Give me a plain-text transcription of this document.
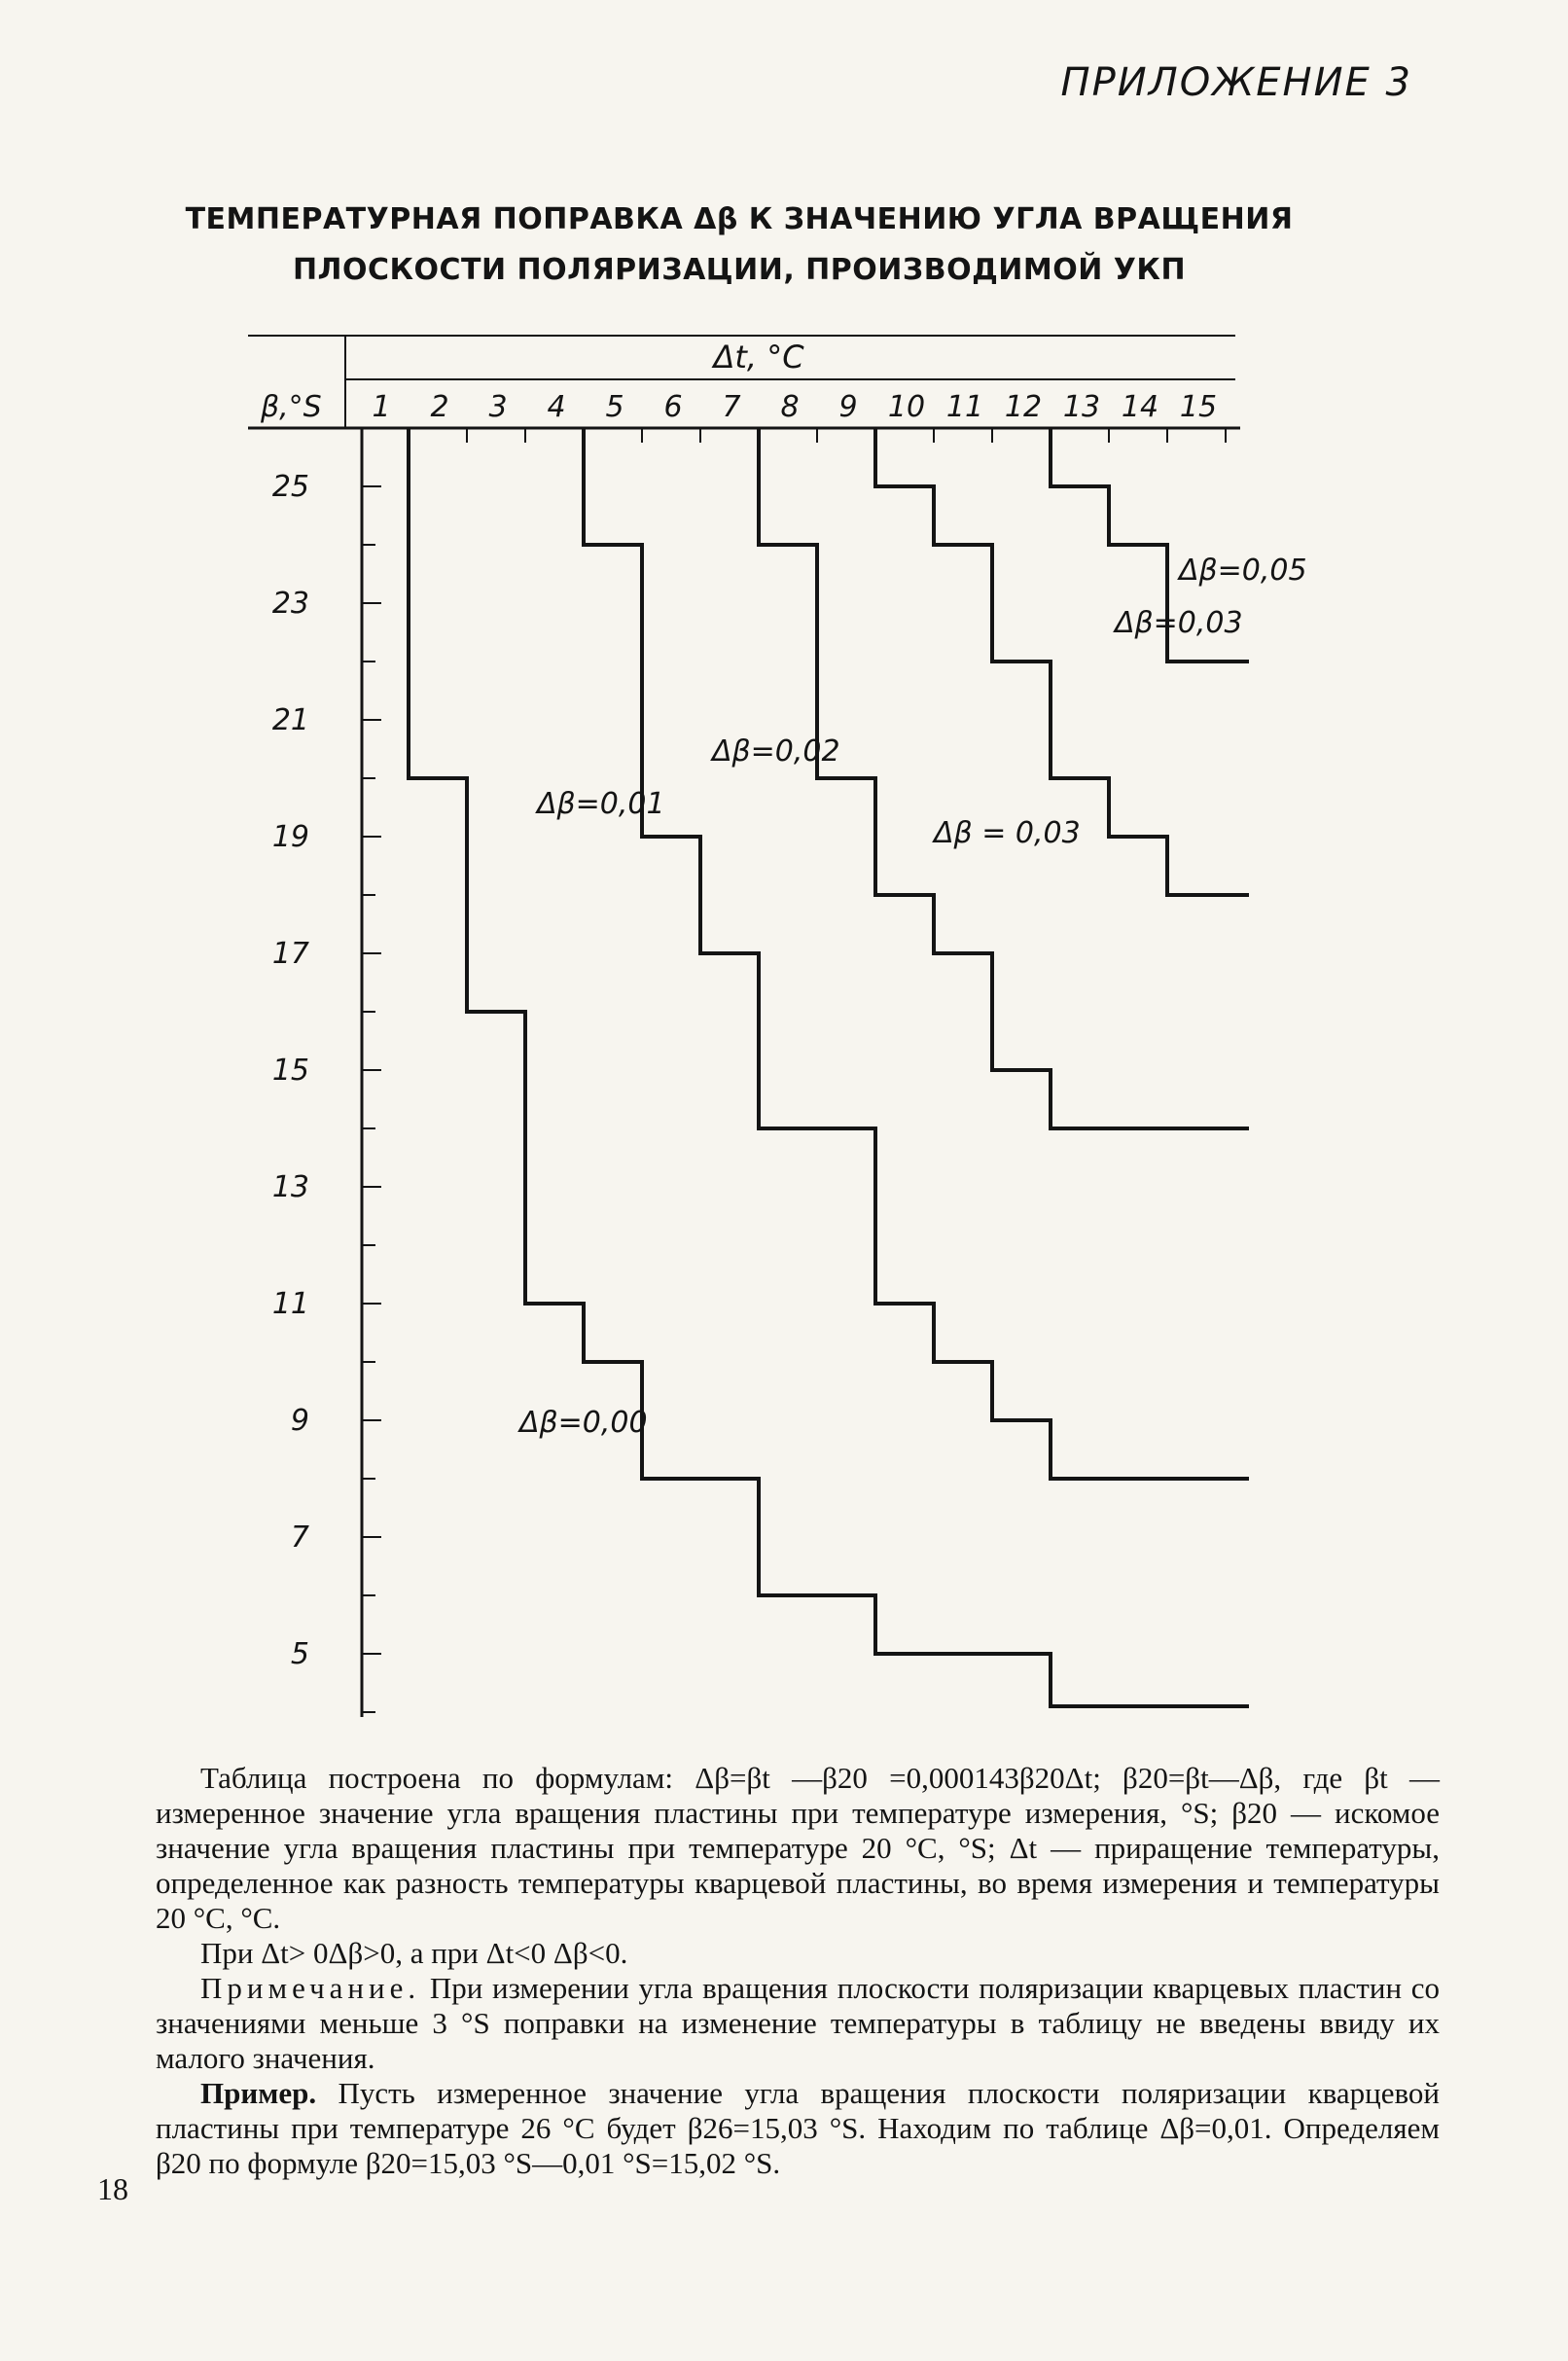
ПРИЛОЖЕНИЕ 3
ТЕМПЕРАТУРНАЯ ПОПРАВКА Δβ К ЗНАЧЕНИЮ УГЛА ВРАЩЕНИЯ
ПЛОСКОСТИ ПОЛЯРИЗАЦИИ, ПРОИЗВОДИМОЙ УКП
Δt, °C
β,°S 1 2 3 4 5 6 7 8 9 10 11 12 13 14 15
25
23
21
19
17
15
13
11
9
7
5
Δβ=0,00
Δβ=0,01
Δβ=0,02
Δβ = 0,03
Δβ=0,03
Δβ=0,05

Таблица построена по формулам: Δβ=βt —β20 =0,000143β20Δt; β20=βt—Δβ, где βt — измеренное значение угла вращения пластины при температуре измерения, °S; β20 — искомое значение угла вращения пластины при температуре 20 °С, °S; Δt — приращение температуры, определенное как разность температуры кварцевой пластины, во время измерения и температуры 20 °С, °С.

При Δt> 0Δβ>0, а при Δt<0 Δβ<0.

Примечание. При измерении угла вращения плоскости поляризации кварцевых пластин со значениями меньше 3 °S поправки на изменение температуры в таблицу не введены ввиду их малого значения.

Пример. Пусть измеренное значение угла вращения плоскости поляризации кварцевой пластины при температуре 26 °С будет β26=15,03 °S. Находим по таблице Δβ=0,01. Определяем β20 по формуле β20=15,03 °S—0,01 °S=15,02 °S.

18
